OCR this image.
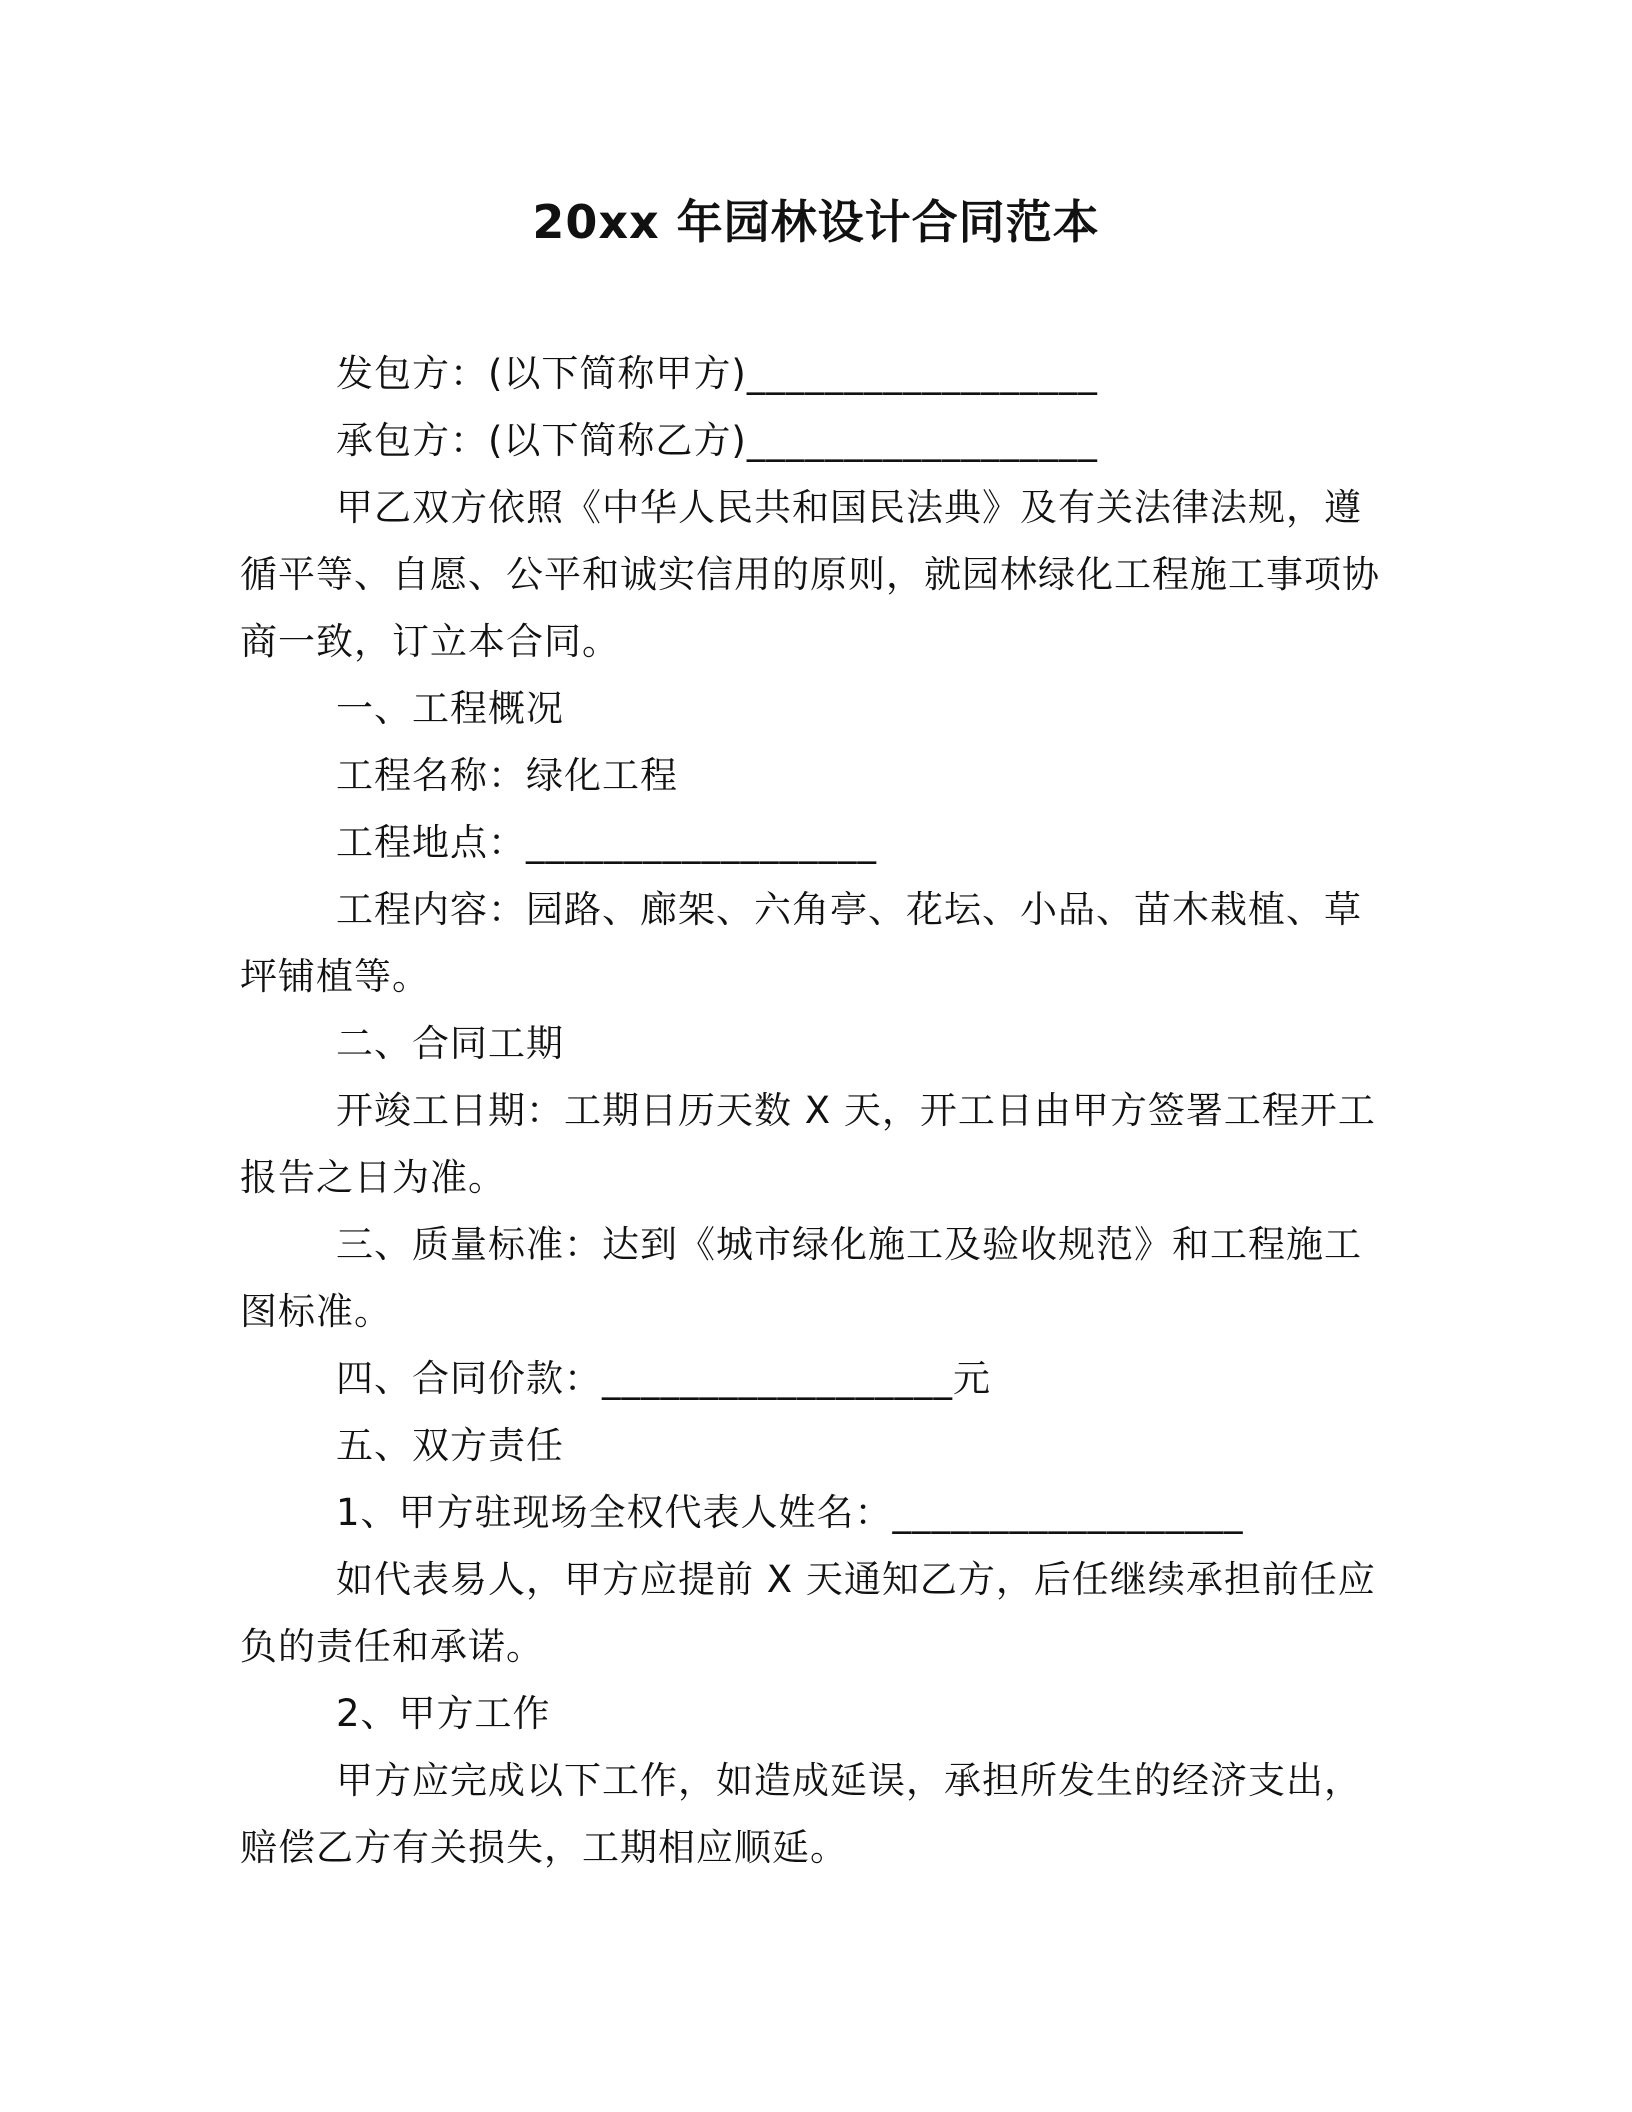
20xx 年园林设计合同范本

发包方：(以下简称甲方)__________________

承包方：(以下简称乙方)__________________

甲乙双方依照《中华人民共和国民法典》及有关法律法规，遵循平等、自愿、公平和诚实信用的原则，就园林绿化工程施工事项协商一致，订立本合同。

一、工程概况

工程名称：绿化工程

工程地点：__________________

工程内容：园路、廊架、六角亭、花坛、小品、苗木栽植、草坪铺植等。

二、合同工期

开竣工日期：工期日历天数 X 天，开工日由甲方签署工程开工报告之日为准。

三、质量标准：达到《城市绿化施工及验收规范》和工程施工图标准。

四、合同价款：__________________元

五、双方责任

1、甲方驻现场全权代表人姓名：__________________

如代表易人，甲方应提前 X 天通知乙方，后任继续承担前任应负的责任和承诺。

2、甲方工作

甲方应完成以下工作，如造成延误，承担所发生的经济支出，赔偿乙方有关损失，工期相应顺延。
